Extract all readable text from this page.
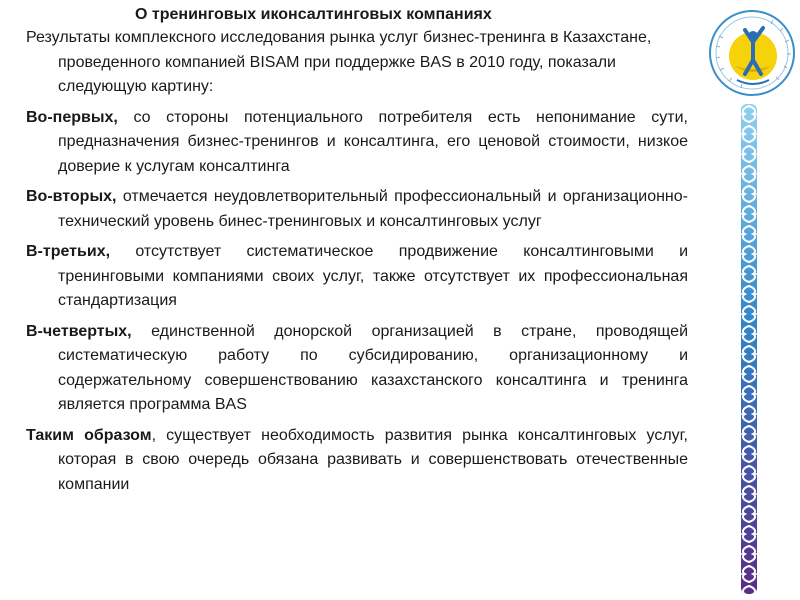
О тренинговых иконсалтинговых компаниях

Результаты комплексного исследования рынка услуг бизнес-тренинга в Казахстане, проведенного компанией BISAM при поддержке BAS в 2010 году, показали следующую картину:

Во-первых, со стороны потенциального потребителя есть непонимание сути, предназначения бизнес-тренингов и консалтинга, его ценовой стоимости, низкое доверие к услугам консалтинга

Во-вторых, отмечается неудовлетворительный профессиональный и организационно-технический уровень бинес-тренинговых и консалтинговых услуг

В-третьих, отсутствует систематическое продвижение консалтинговыми и тренинговыми компаниями своих услуг, также отсутствует их профессиональная стандартизация

В-четвертых, единственной донорской организацией в стране, проводящей систематическую работу по субсидированию, организационному и содержательному совершенствованию казахстанского консалтинга и тренинга является программа BAS

Таким образом, существует необходимость развития рынка консалтинговых услуг, которая в свою очередь обязана развивать и совершенствовать отечественные компании
